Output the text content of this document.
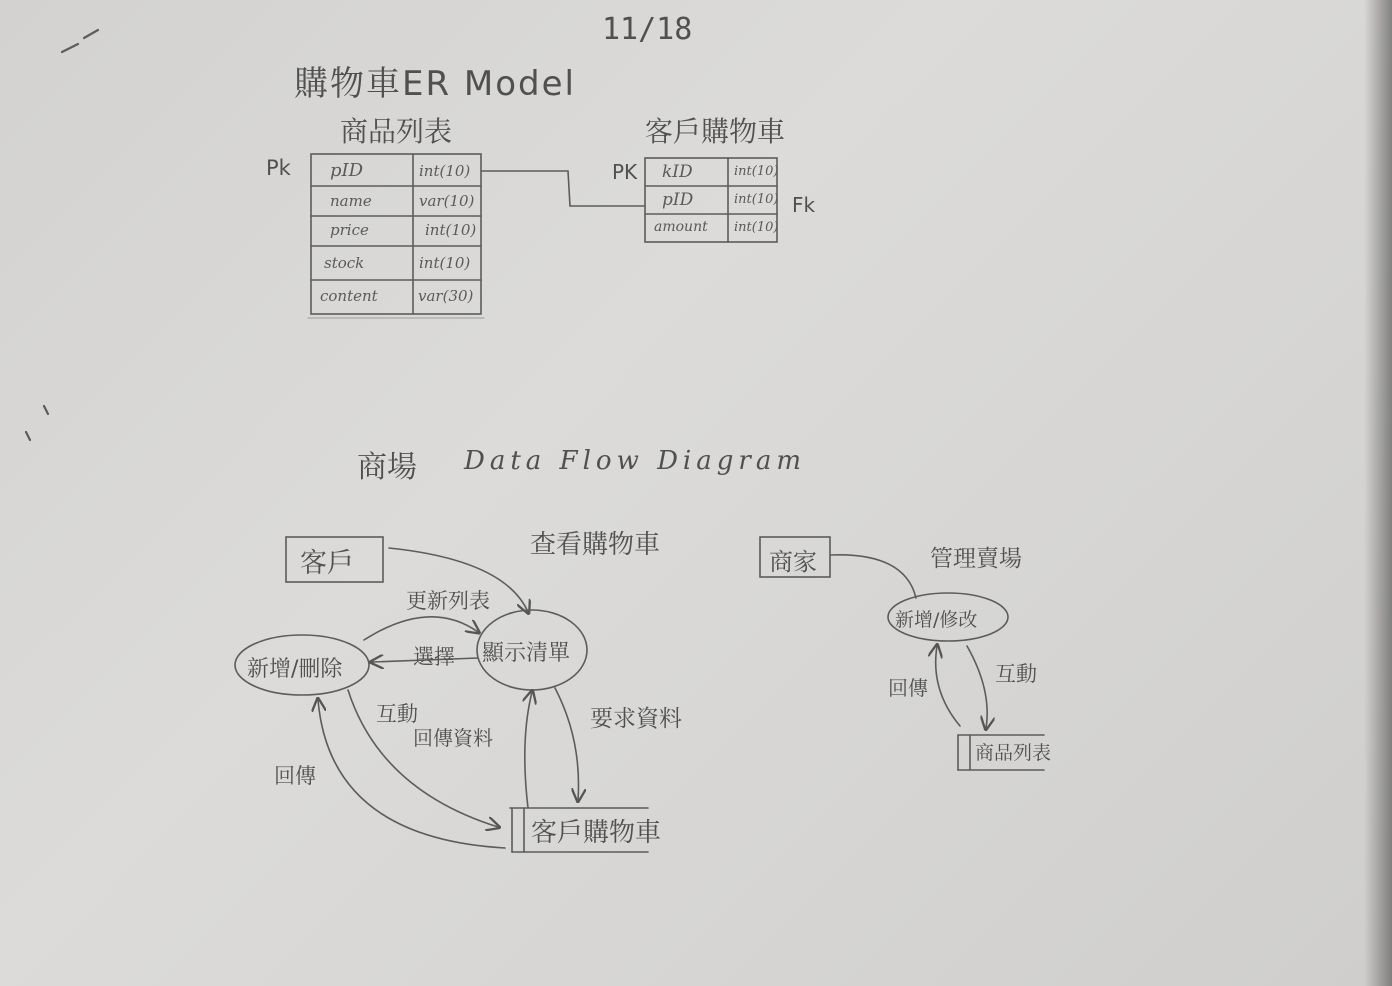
11/18
購物車ER Model
商品列表
Pk pID	int(10)
name	var(10)
price	int(10)
stock	int(10)
content	var(30)
客戶購物車
PK
Fk
kID	int(10)
pID	int(10)
amount int(10)
商場 Data Flow Diagram
客戶
查看購物車
更新列表
選擇
新增/刪除
顯示清單
互動
回傳資料
回傳
要求資料
客戶購物車
商家	管理賣場
新增/修改
回傳
互動
商品列表
